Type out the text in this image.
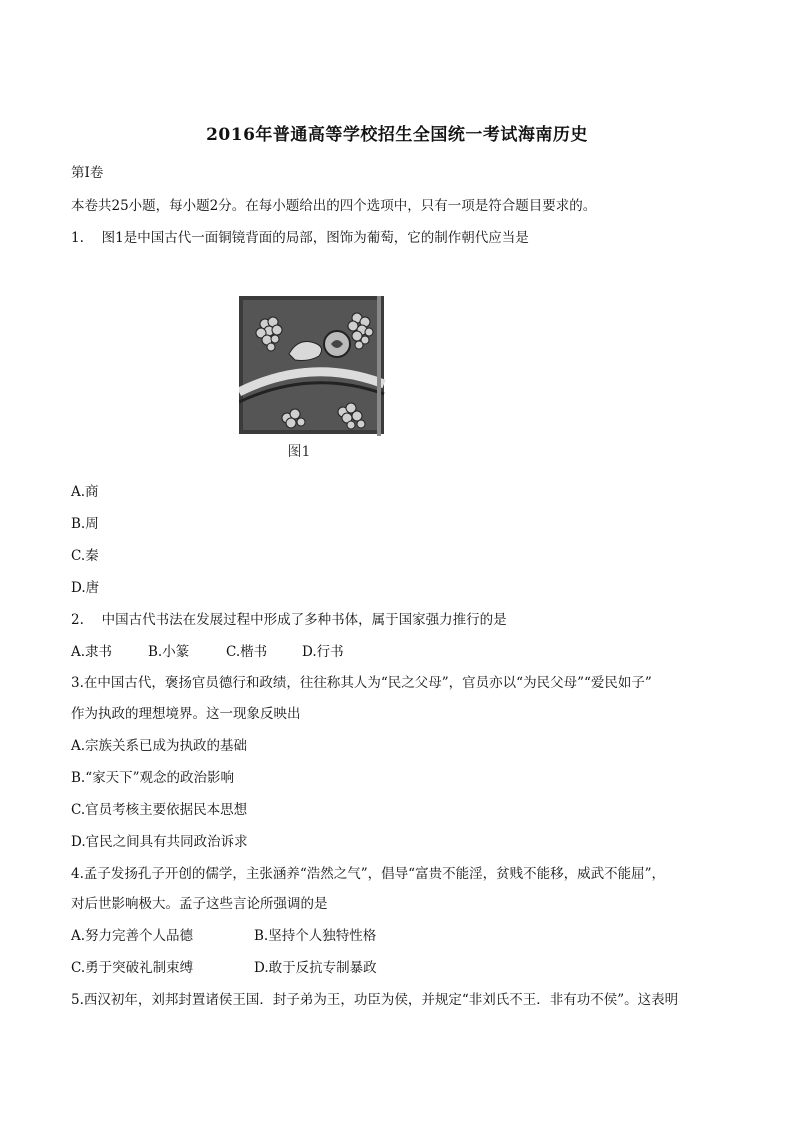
2016年普通高等学校招生全国统一考试海南历史
第Ⅰ卷
本卷共25小题，每小题2分。在每小题给出的四个选项中，只有一项是符合题目要求的。
1.　 图1是中国古代一面铜镜背面的局部，图饰为葡萄，它的制作朝代应当是
图1
A.商
B.周
C.秦
D.唐
2.　 中国古代书法在发展过程中形成了多种书体，属于国家强力推行的是
A.隶书	B.小篆	C.楷书	D.行书
3.在中国古代，褒扬官员德行和政绩，往往称其人为“民之父母”，官员亦以“为民父母”“爱民如子”
作为执政的理想境界。这一现象反映出
A.宗族关系已成为执政的基础
B.“家天下”观念的政治影响
C.官员考核主要依据民本思想
D.官民之间具有共同政治诉求
4.孟子发扬孔子开创的儒学，主张涵养“浩然之气”，倡导“富贵不能淫，贫贱不能移，威武不能屈”，
对后世影响极大。孟子这些言论所强调的是
A.努力完善个人品德	B.坚持个人独特性格
C.勇于突破礼制束缚	D.敢于反抗专制暴政
5.西汉初年，刘邦封置诸侯王国．封子弟为王，功臣为侯，并规定“非刘氏不王．非有功不侯”。这表明
